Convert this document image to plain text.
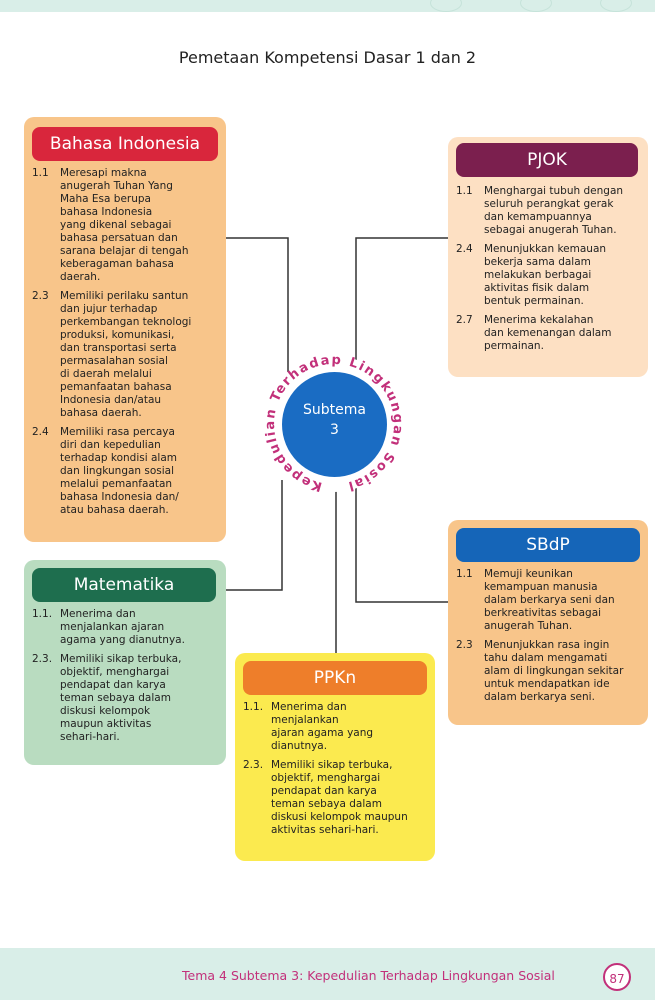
Pemetaan Kompetensi Dasar 1 dan 2
Kepedulian Terhadap Lingkungan Sosial
Subtema
3
Bahasa Indonesia
1.1	Meresapi makna
anugerah Tuhan Yang
Maha Esa berupa
bahasa Indonesia
yang dikenal sebagai
bahasa persatuan dan
sarana belajar di tengah
keberagaman bahasa
daerah.
2.3	Memiliki perilaku santun
dan jujur terhadap
perkembangan teknologi
produksi, komunikasi,
dan transportasi serta
permasalahan sosial
di daerah melalui
pemanfaatan bahasa
Indonesia dan/atau
bahasa daerah.
2.4	Memiliki rasa percaya
diri dan kepedulian
terhadap kondisi alam
dan lingkungan sosial
melalui pemanfaatan
bahasa Indonesia dan/
atau bahasa daerah.
PJOK
1.1	Menghargai tubuh dengan
seluruh perangkat gerak
dan kemampuannya
sebagai anugerah Tuhan.
2.4	Menunjukkan kemauan
bekerja sama dalam
melakukan berbagai
aktivitas fisik dalam
bentuk permainan.
2.7	Menerima kekalahan
dan kemenangan dalam
permainan.
Matematika
1.1. Menerima dan
menjalankan ajaran
agama yang dianutnya.
2.3. Memiliki sikap terbuka,
objektif, menghargai
pendapat dan karya
teman sebaya dalam
diskusi kelompok
maupun aktivitas
sehari-hari.
PPKn
1.1. Menerima dan
menjalankan
ajaran agama yang
dianutnya.
2.3. Memiliki sikap terbuka,
objektif, menghargai
pendapat dan karya
teman sebaya dalam
diskusi kelompok maupun
aktivitas sehari-hari.
SBdP
1.1	Memuji keunikan
kemampuan manusia
dalam berkarya seni dan
berkreativitas sebagai
anugerah Tuhan.
2.3	Menunjukkan rasa ingin
tahu dalam mengamati
alam di lingkungan sekitar
untuk mendapatkan ide
dalam berkarya seni.
Tema 4 Subtema 3: Kepedulian Terhadap Lingkungan Sosial	87
